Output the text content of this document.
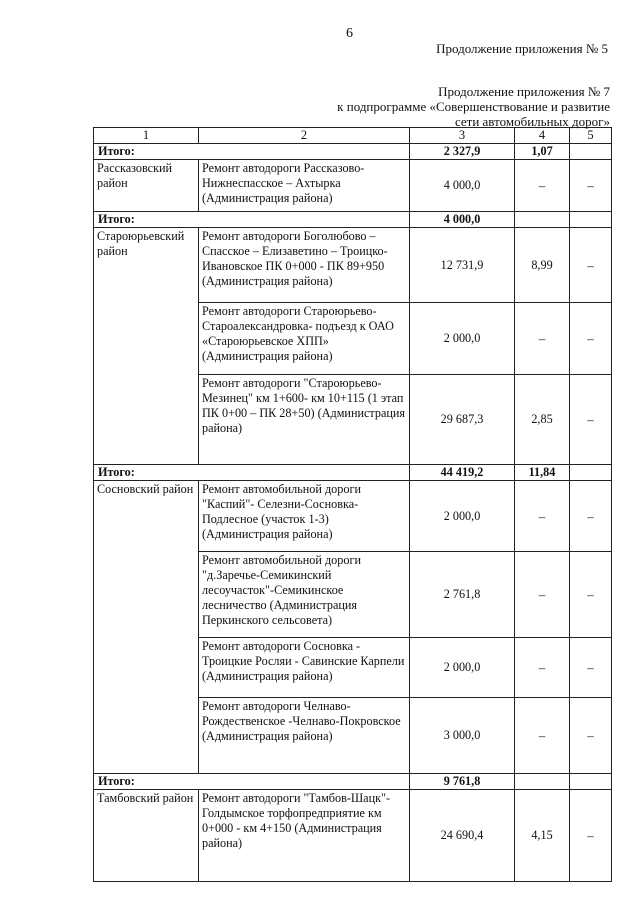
6
Продолжение приложения № 5
Продолжение приложения № 7
к подпрограмме «Совершенствование и развитие
сети автомобильных дорог»
1	2	3	4	5
Итого:		2 327,9	1,07	
Рассказовский район	Ремонт автодороги Рассказово-Нижнеспасское – Ахтырка (Администрация района)	4 000,0	–	–
Итого:		4 000,0		
Староюрьевский район	Ремонт автодороги Боголюбово – Спасское – Елизаветино – Троицко-Ивановское ПК 0+000 - ПК 89+950 (Администрация района)	12 731,9	8,99	–
	Ремонт автодороги Староюрьево-Староалександровка- подъезд к ОАО «Староюрьевское ХПП» (Администрация района)	2 000,0	–	–
	Ремонт автодороги "Староюрьево-Мезинец" км 1+600- км 10+115 (1 этап ПК 0+00 – ПК 28+50) (Администрация района)	29 687,3	2,85	–
Итого:		44 419,2	11,84	
Сосновский район	Ремонт автомобильной дороги "Каспий"- Селезни-Сосновка-Подлесное (участок 1-3) (Администрация района)	2 000,0	–	–
	Ремонт автомобильной дороги "д.Заречье-Семикинский лесоучасток"-Семикинское лесничество (Администрация Перкинского сельсовета)	2 761,8	–	–
	Ремонт автодороги Сосновка - Троицкие Росляи - Савинские Карпели (Администрация района)	2 000,0	–	–
	Ремонт автодороги Челнаво-Рождественское -Челнаво-Покровское (Администрация района)	3 000,0	–	–
Итого:		9 761,8		
Тамбовский район	Ремонт автодороги "Тамбов-Шацк"- Голдымское торфопредприятие км 0+000 - км 4+150 (Администрация района)	24 690,4	4,15	–
